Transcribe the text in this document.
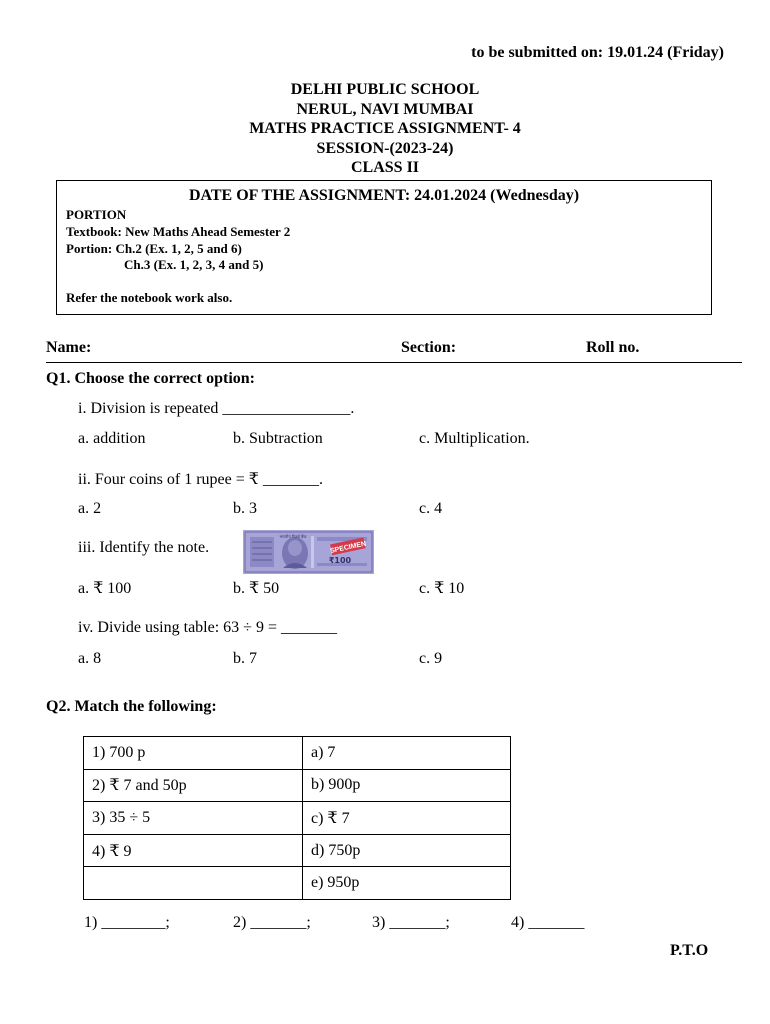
to be submitted on: 19.01.24 (Friday)
DELHI PUBLIC SCHOOL
NERUL, NAVI MUMBAI
MATHS PRACTICE ASSIGNMENT- 4
SESSION-(2023-24)
CLASS II
DATE OF THE ASSIGNMENT: 24.01.2024 (Wednesday)
PORTION
Textbook: New Maths Ahead Semester 2
Portion: Ch.2 (Ex. 1, 2, 5 and 6)
Ch.3 (Ex. 1, 2, 3, 4 and 5)
Refer the notebook work also.
Name:	Section:	Roll no.
Q1. Choose the correct option:
i. Division is repeated ________________.
a. addition	b. Subtraction	c. Multiplication.
ii. Four coins of 1 rupee = ₹ _______.
a. 2	b. 3	c. 4
iii. Identify the note.	SPECIMEN
₹100
भारतीय रिज़र्व बैंक
a. ₹ 100	b. ₹ 50	c. ₹ 10
iv. Divide using table: 63 ÷ 9 = _______
a. 8	b. 7	c. 9
Q2. Match the following:
1) 700 p	a) 7
2) ₹ 7 and 50p	b) 900p
3) 35 ÷ 5	c) ₹ 7
4) ₹ 9	d) 750p
	e) 950p
1) ________;	2) _______;	3) _______;	4) _______
P.T.O
